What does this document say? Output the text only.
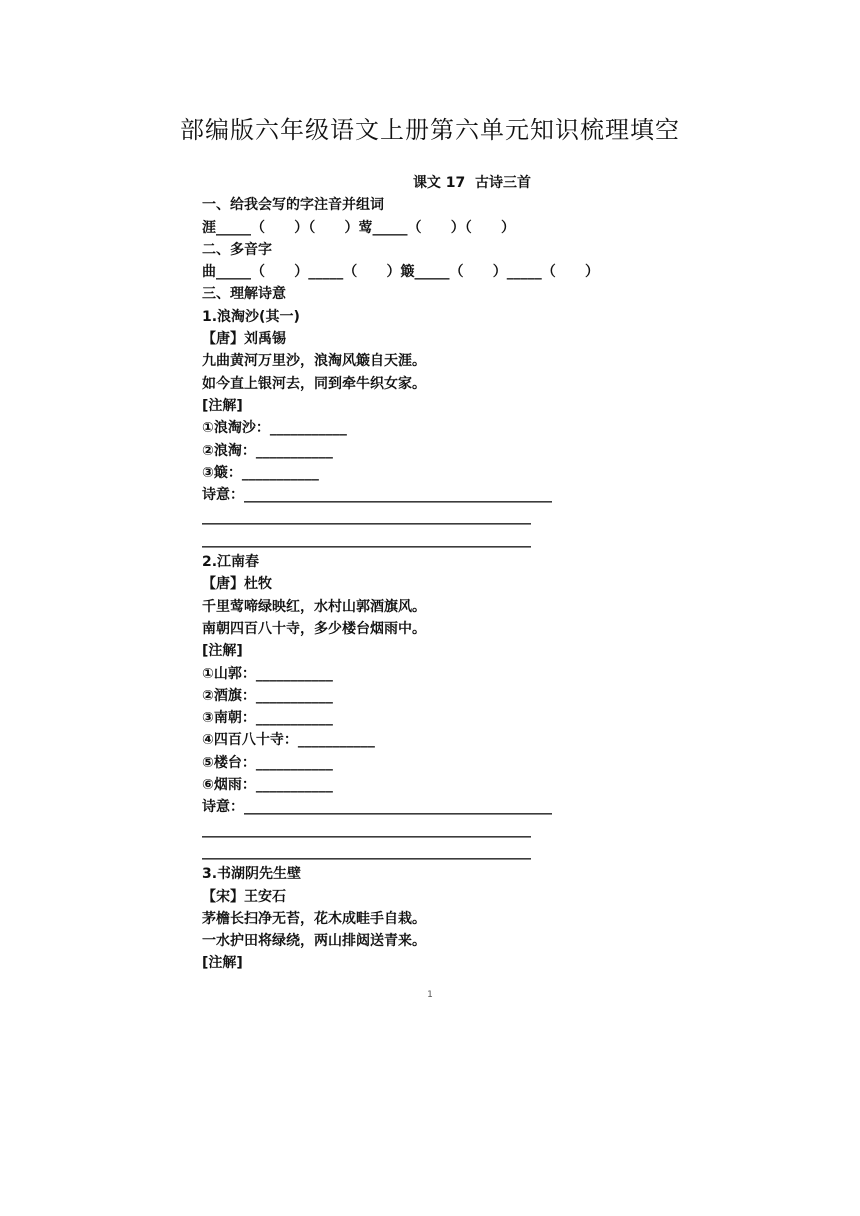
部编版六年级语文上册第六单元知识梳理填空
课文 17  古诗三首
一、给我会写的字注音并组词
涯_____（      ）（      ）莺_____（      ）（      ）
二、多音字
曲_____（      ）_____（      ）簸_____（      ）_____（      ）
三、理解诗意
1.浪淘沙(其一)
【唐】刘禹锡
九曲黄河万里沙，浪淘风簸自天涯。
如今直上银河去，同到牵牛织女家。
[注解]
①浪淘沙：___________
②浪淘：___________
③簸：___________
诗意：____________________________________________
_______________________________________________
_______________________________________________
2.江南春
【唐】杜牧
千里莺啼绿映红，水村山郭酒旗风。
南朝四百八十寺，多少楼台烟雨中。
[注解]
①山郭：___________
②酒旗：___________
③南朝：___________
④四百八十寺：___________
⑤楼台：___________
⑥烟雨：___________
诗意：____________________________________________
_______________________________________________
_______________________________________________
3.书湖阴先生壁
【宋】王安石
茅檐长扫净无苔，花木成畦手自栽。
一水护田将绿绕，两山排闼送青来。
[注解]
1
